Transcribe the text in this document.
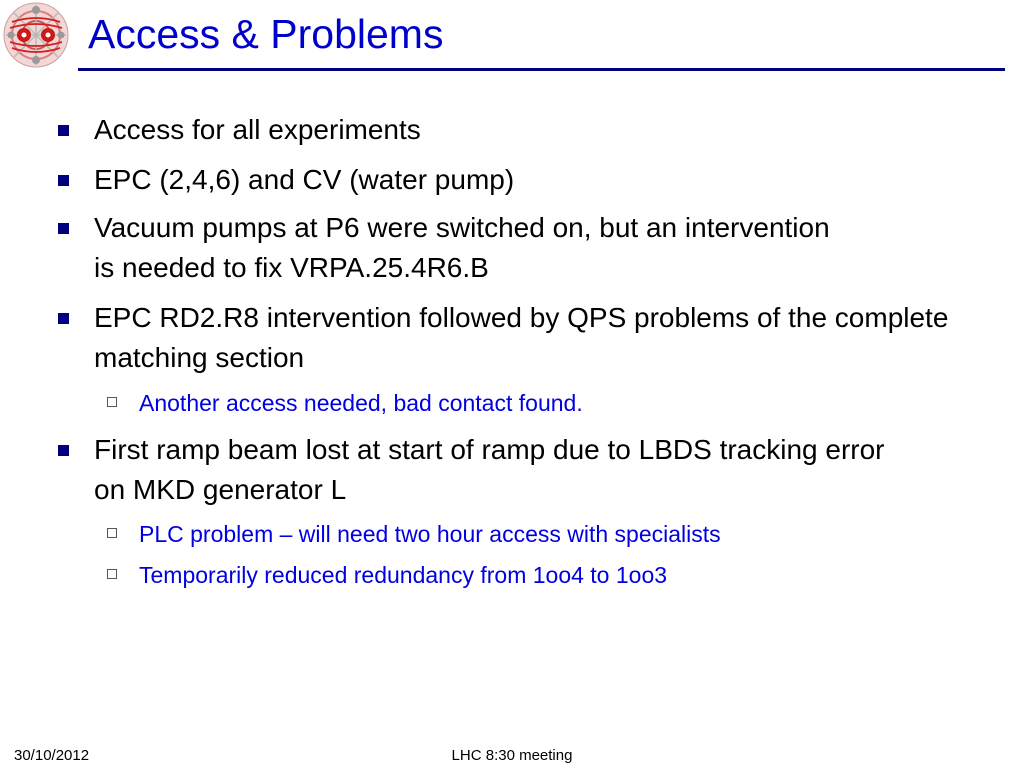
Access & Problems
Access for all experiments
EPC (2,4,6) and CV (water pump)
Vacuum pumps at P6 were switched on, but an intervention is needed to fix VRPA.25.4R6.B
EPC RD2.R8 intervention followed by QPS problems of the complete matching section
Another access needed, bad contact found.
First ramp beam lost at start of ramp due to LBDS tracking error on MKD generator L
PLC problem – will need two hour access with specialists
Temporarily reduced redundancy from 1oo4 to 1oo3
30/10/2012	LHC 8:30 meeting
